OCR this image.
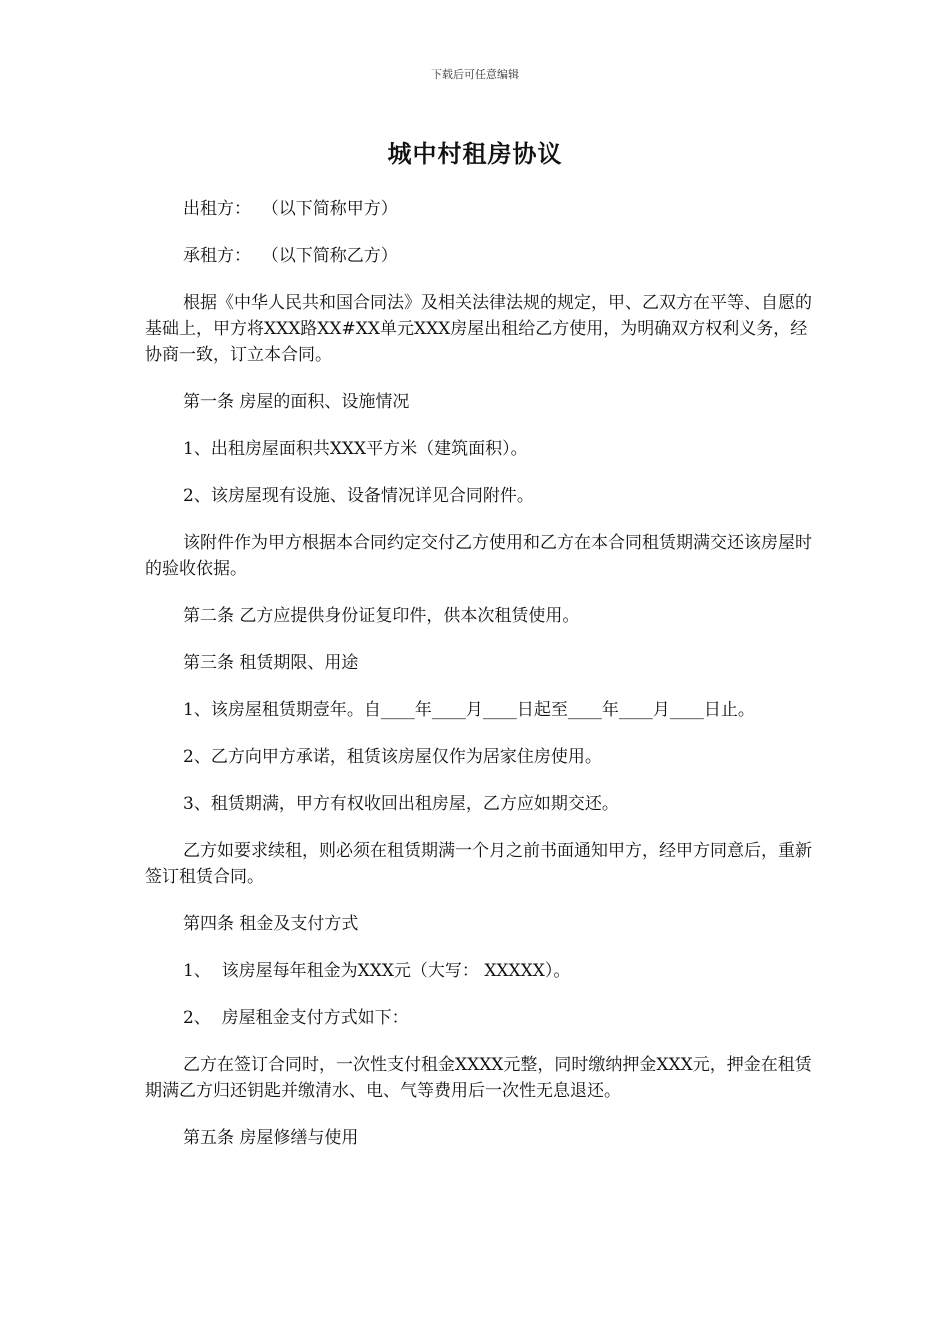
下载后可任意编辑
城中村租房协议

出租方：  （以下简称甲方）

承租方：  （以下简称乙方）

根据《中华人民共和国合同法》及相关法律法规的规定，甲、乙双方在平等、自愿的基础上，甲方将XXX路XX#XX单元XXX房屋出租给乙方使用，为明确双方权利义务，经协商一致，订立本合同。

第一条 房屋的面积、设施情况

1、出租房屋面积共XXX平方米（建筑面积）。

2、该房屋现有设施、设备情况详见合同附件。

该附件作为甲方根据本合同约定交付乙方使用和乙方在本合同租赁期满交还该房屋时的验收依据。

第二条 乙方应提供身份证复印件，供本次租赁使用。

第三条 租赁期限、用途

1、该房屋租赁期壹年。自____年____月____日起至____年____月____日止。

2、乙方向甲方承诺，租赁该房屋仅作为居家住房使用。

3、租赁期满，甲方有权收回出租房屋，乙方应如期交还。

乙方如要求续租，则必须在租赁期满一个月之前书面通知甲方，经甲方同意后，重新签订租赁合同。

第四条 租金及支付方式

1、  该房屋每年租金为XXX元（大写： XXXXX）。

2、  房屋租金支付方式如下：

乙方在签订合同时，一次性支付租金XXXX元整，同时缴纳押金XXX元，押金在租赁期满乙方归还钥匙并缴清水、电、气等费用后一次性无息退还。

第五条 房屋修缮与使用
